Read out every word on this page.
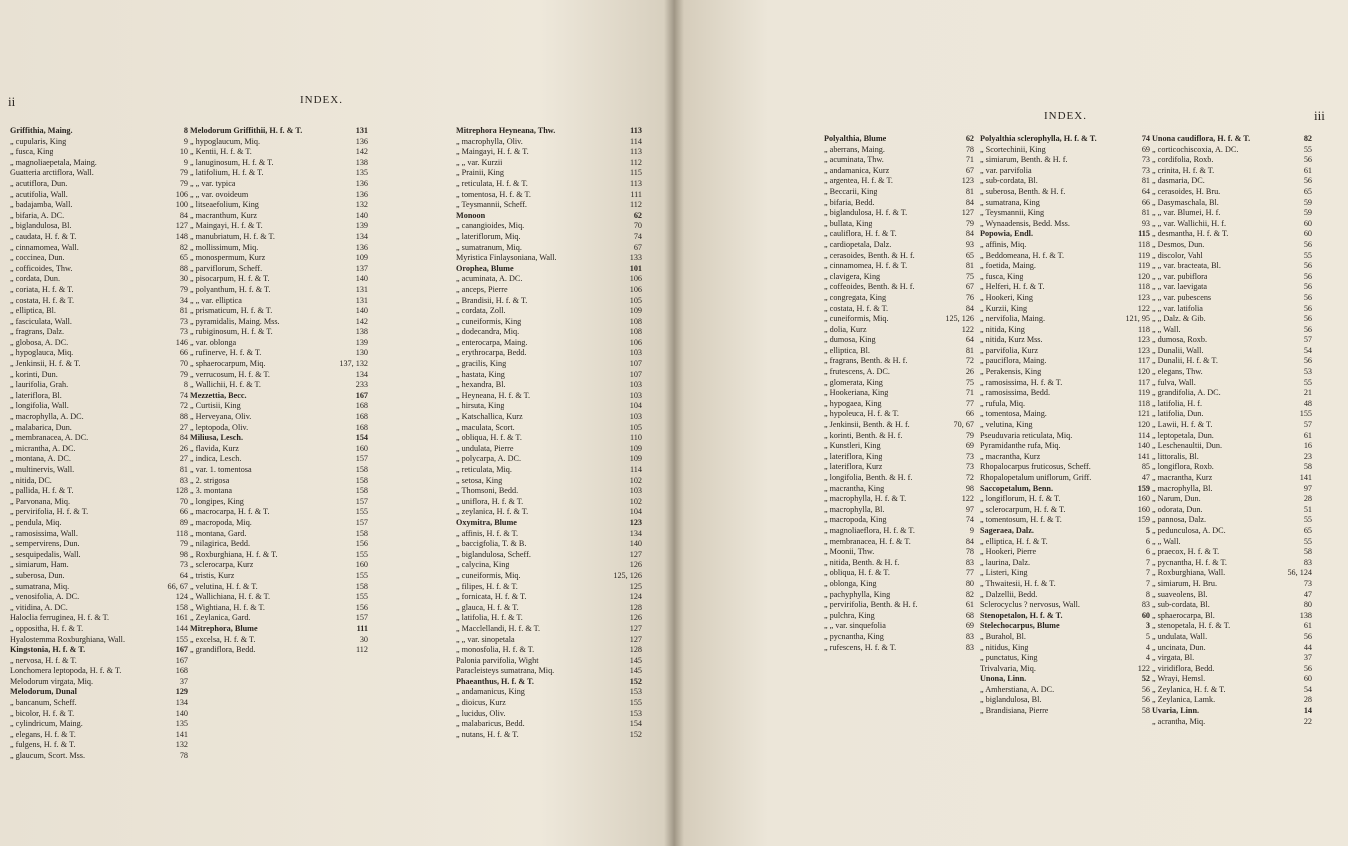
ii	INDEX.
Griffithia, Maing.	8
„ cupularis, King	9
„ fusca, King	10
„ magnoliaepetala, Maing.	9
Guatteria arctiflora, Wall.	79
„ acutiflora, Dun.	79
„ acutifolia, Wall.	106
„ badajamba, Wall.	100
„ bifaria, A. DC.	84
„ biglandulosa, Bl.	127
„ caudata, H. f. & T.	148
„ cinnamomea, Wall.	82
„ coccinea, Dun.	65
„ cofficoides, Thw.	88
„ cordata, Dun.	30
„ coriata, H. f. & T.	79
„ costata, H. f. & T.	34
„ elliptica, Bl.	81
„ fasciculata, Wall.	73
„ fragrans, Dalz.	73
„ globosa, A. DC.	146
„ hypoglauca, Miq.	66
„ Jenkinsii, H. f. & T.	70
„ korinti, Dun.	79
„ laurifolia, Grah.	8
„ lateriflora, Bl.	74
„ longifolia, Wall.	72
„ macrophylla, A. DC.	88
„ malabarica, Dun.	27
„ membranacea, A. DC.	84
„ micrantha, A. DC.	26
„ montana, A. DC.	27
„ multinervis, Wall.	81
„ nitida, DC.	83
„ pallida, H. f. & T.	128
„ Parvonana, Miq.	70
„ pervirifolia, H. f. & T.	66
„ pendula, Miq.	89
„ ramosissima, Wall.	118
„ sempervirens, Dun.	79
„ sesquipedalis, Wall.	98
„ simiarum, Ham.	73
„ suberosa, Dun.	64
„ sumatrana, Miq.	66, 67
„ venosifolia, A. DC.	124
„ vitidina, A. DC.	158
Haloclia ferruginea, H. f. & T.	161
„ oppositha, H. f. & T.	144
Hyalostemma Roxburghiana, Wall.	155
Kingstonia, H. f. & T.	167
„ nervosa, H. f. & T.	167
Lonchomera leptopoda, H. f. & T.	168
Melodorum virgata, Miq.	37
Melodorum, Dunal	129
„ bancanum, Scheff.	134
„ bicolor, H. f. & T.	140
„ cylindricum, Maing.	135
„ elegans, H. f. & T.	141
„ fulgens, H. f. & T.	132
„ glaucum, Scort. Mss.	78
Melodorum Griffithii, H. f. & T.	131
„ hypoglaucum, Miq.	136
„ Kentii, H. f. & T.	142
„ lanuginosum, H. f. & T.	138
„ latifolium, H. f. & T.	135
„ „ var. typica	136
„ „ var. ovoideum	136
„ litseaefolium, King	132
„ macranthum, Kurz	140
„ Maingayi, H. f. & T.	139
„ manubriatum, H. f. & T.	134
„ mollissimum, Miq.	136
„ monospermum, Kurz	109
„ parviflorum, Scheff.	137
„ pisocarpum, H. f. & T.	140
„ polyanthum, H. f. & T.	131
„ „ var. elliptica	131
„ prismaticum, H. f. & T.	140
„ pyramidalis, Maing. Mss.	142
„ rubiginosum, H. f. & T.	138
„ var. oblonga	139
„ rufinerve, H. f. & T.	130
„ sphaerocarpum, Miq.	137, 132
„ verrucosum, H. f. & T.	134
„ Wallichii, H. f. & T.	233
Mezzettia, Becc.	167
„ Curtisii, King	168
„ Herveyana, Oliv.	168
„ leptopoda, Oliv.	168
Miliusa, Lesch.	154
„ flavida, Kurz	160
„ indica, Lesch.	157
„ var. 1. tomentosa	158
„ 2. strigosa	158
„ 3. montana	158
„ longipes, King	157
„ macrocarpa, H. f. & T.	155
„ macropoda, Miq.	157
„ montana, Gard.	158
„ nilagirica, Bedd.	156
„ Roxburghiana, H. f. & T.	155
„ sclerocarpa, Kurz	160
„ tristis, Kurz	155
„ velutina, H. f. & T.	158
„ Wallichiana, H. f. & T.	155
„ Wightiana, H. f. & T.	156
„ Zeylanica, Gard.	157
Mitrephora, Blume	111
„ excelsa, H. f. & T.	30
„ grandiflora, Bedd.	112
Mitrephora Heyneana, Thw.	113
„ macrophylla, Oliv.	114
„ Maingayi, H. f. & T.	113
„ „ var. Kurzii	112
„ Prainii, King	115
„ reticulata, H. f. & T.	113
„ tomentosa, H. f. & T.	111
„ Teysmannii, Scheff.	112
Monoon	62
„ canangioides, Miq.	70
„ lateriflorum, Miq.	74
„ sumatranum, Miq.	67
Myristica Finlaysoniana, Wall.	133
Orophea, Blume	101
„ acuminata, A. DC.	106
„ anceps, Pierre	106
„ Brandisii, H. f. & T.	105
„ cordata, Zoll.	109
„ cuneiformis, King	108
„ dodecandra, Miq.	108
„ enterocarpa, Maing.	106
„ erythrocarpa, Bedd.	103
„ gracilis, King	107
„ hastata, King	107
„ hexandra, Bl.	103
„ Heyneana, H. f. & T.	103
„ hirsuta, King	104
„ Katschallica, Kurz	103
„ maculata, Scort.	105
„ obliqua, H. f. & T.	110
„ undulata, Pierre	109
„ polycarpa, A. DC.	109
„ reticulata, Miq.	114
„ setosa, King	102
„ Thomsoni, Bedd.	103
„ uniflora, H. f. & T.	102
„ zeylanica, H. f. & T.	104
Oxymitra, Blume	123
„ affinis, H. f. & T.	134
„ baccigfolia, T. & B.	140
„ biglandulosa, Scheff.	127
„ calycina, King	126
„ cuneiformis, Miq.	125, 126
„ filipes, H. f. & T.	125
„ fornicata, H. f. & T.	124
„ glauca, H. f. & T.	128
„ latifolia, H. f. & T.	126
„ Macclellandi, H. f. & T.	127
„ „ var. sinopetala	127
„ monosfolia, H. f. & T.	128
Palonia parvifolia, Wight	145
Paracleisteys sumatrana, Miq.	145
Phaeanthus, H. f. & T.	152
„ andamanicus, King	153
„ dioicus, Kurz	155
„ lucidus, Oliv.	153
„ malabaricus, Bedd.	154
„ nutans, H. f. & T.	152
INDEX.	iii
Polyalthia, Blume	62
„ aberrans, Maing.	78
„ acuminata, Thw.	71
„ andamanica, Kurz	67
„ argentea, H. f. & T.	123
„ Beccarii, King	81
„ bifaria, Bedd.	84
„ biglandulosa, H. f. & T.	127
„ bullata, King	79
„ cauliflora, H. f. & T.	84
„ cardiopetala, Dalz.	93
„ cerasoides, Benth. & H. f.	65
„ cinnamomea, H. f. & T.	81
„ clavigera, King	75
„ coffeoides, Benth. & H. f.	67
„ congregata, King	76
„ costata, H. f. & T.	84
„ cuneiformis, Miq.	125, 126
„ dolia, Kurz	122
„ dumosa, King	64
„ elliptica, Bl.	81
„ fragrans, Benth. & H. f.	72
„ frutescens, A. DC.	26
„ glomerata, King	75
„ Hookeriana, King	71
„ hypogaea, King	77
„ hypoleuca, H. f. & T.	66
„ Jenkinsii, Benth. & H. f.	70, 67
„ korinti, Benth. & H. f.	79
„ Kunstleri, King	69
„ lateriflora, King	73
„ lateriflora, Kurz	73
„ longifolia, Benth. & H. f.	72
„ macrantha, King	98
„ macrophylla, H. f. & T.	122
„ macrophylla, Bl.	97
„ macropoda, King	74
„ magnoliaeflora, H. f. & T.	9
„ membranacea, H. f. & T.	84
„ Moonii, Thw.	78
„ nitida, Benth. & H. f.	83
„ obliqua, H. f. & T.	77
„ oblonga, King	80
„ pachyphylla, King	82
„ pervirifolia, Benth. & H. f.	61
„ pulchra, King	68
„ „ var. sinquefolia	69
„ pycnantha, King	83
„ rufescens, H. f. & T.	83
Polyalthia sclerophylla, H. f. & T.	74
„ Scortechinii, King	69
„ simiarum, Benth. & H. f.	73
„ var. parvifolia	73
„ sub-cordata, Bl.	81
„ suberosa, Benth. & H. f.	64
„ sumatrana, King	66
„ Teysmannii, King	81
„ Wynaadensis, Bedd. Mss.	93
Popowia, Endl.	115
„ affinis, Miq.	118
„ Beddomeana, H. f. & T.	119
„ foetida, Maing.	119
„ fusca, King	120
„ Helferi, H. f. & T.	118
„ Hookeri, King	123
„ Kurzii, King	122
„ nervifolia, Maing.	121, 95
„ nitida, King	118
„ nitida, Kurz Mss.	123
„ parvifolia, Kurz	123
„ pauciflora, Maing.	117
„ Perakensis, King	120
„ ramosissima, H. f. & T.	117
„ ramosissima, Bedd.	119
„ rufula, Miq.	118
„ tomentosa, Maing.	121
„ velutina, King	120
Pseuduvaria reticulata, Miq.	114
Pyramidanthe rufa, Miq.	140
„ macrantha, Kurz	141
Rhopalocarpus fruticosus, Scheff.	85
Rhopalopetalum uniflorum, Griff.	47
Saccopetalum, Benn.	159
„ longiflorum, H. f. & T.	160
„ sclerocarpum, H. f. & T.	160
„ tomentosum, H. f. & T.	159
Sageraea, Dalz.	5
„ elliptica, H. f. & T.	6
„ Hookeri, Pierre	6
„ laurina, Dalz.	7
„ Listeri, King	7
„ Thwaitesii, H. f. & T.	7
„ Dalzellii, Bedd.	8
Sclerocyclus ? nervosus, Wall.	83
Stenopetalon, H. f. & T.	60
Stelechocarpus, Blume	3
„ Burahol, Bl.	5
„ nitidus, King	4
„ punctatus, King	4
Trivalvaria, Miq.	122
Unona, Linn.	52
„ Amherstiana, A. DC.	56
„ biglandulosa, Bl.	56
„ Brandisiana, Pierre	58
Unona caudiflora, H. f. & T.	82
„ corticochiscoxia, A. DC.	55
„ cordifolia, Roxb.	56
„ crinita, H. f. & T.	61
„ dasmaria, DC.	56
„ cerasoides, H. Bru.	65
„ Dasymaschala, Bl.	59
„ „ var. Blumei, H. f.	59
„ „ var. Wallichii, H. f.	60
„ desmantha, H. f. & T.	60
„ Desmos, Dun.	56
„ discolor, Vahl	55
„ „ var. bracteata, Bl.	56
„ „ var. pubiflora	56
„ „ var. laevigata	56
„ „ var. pubescens	56
„ „ var. latifolia	56
„ „ Dalz. & Gib.	56
„ „ Wall.	56
„ dumosa, Roxb.	57
„ Dunalii, Wall.	54
„ Dunalii, H. f. & T.	56
„ elegans, Thw.	53
„ fulva, Wall.	55
„ grandifolia, A. DC.	21
„ latifolia, H. f.	48
„ latifolia, Dun.	155
„ Lawii, H. f. & T.	57
„ leptopetala, Dun.	61
„ Leschenaultii, Dun.	16
„ littoralis, Bl.	23
„ longiflora, Roxb.	58
„ macrantha, Kurz	141
„ macrophylla, Bl.	97
„ Narum, Dun.	28
„ odorata, Dun.	51
„ pannosa, Dalz.	55
„ pedunculosa, A. DC.	65
„ „ Wall.	55
„ praecox, H. f. & T.	58
„ pycnantha, H. f. & T.	83
„ Roxburghiana, Wall.	56, 124
„ simiarum, H. Bru.	73
„ suaveolens, Bl.	47
„ sub-cordata, Bl.	80
„ sphaerocarpa, Bl.	138
„ stenopetala, H. f. & T.	61
„ undulata, Wall.	56
„ uncinata, Dun.	44
„ virgata, Bl.	37
„ viridiflora, Bedd.	56
„ Wrayi, Hemsl.	60
„ Zeylanica, H. f. & T.	54
„ Zeylanica, Lamk.	28
Uvaria, Linn.	14
„ acrantha, Miq.	22
